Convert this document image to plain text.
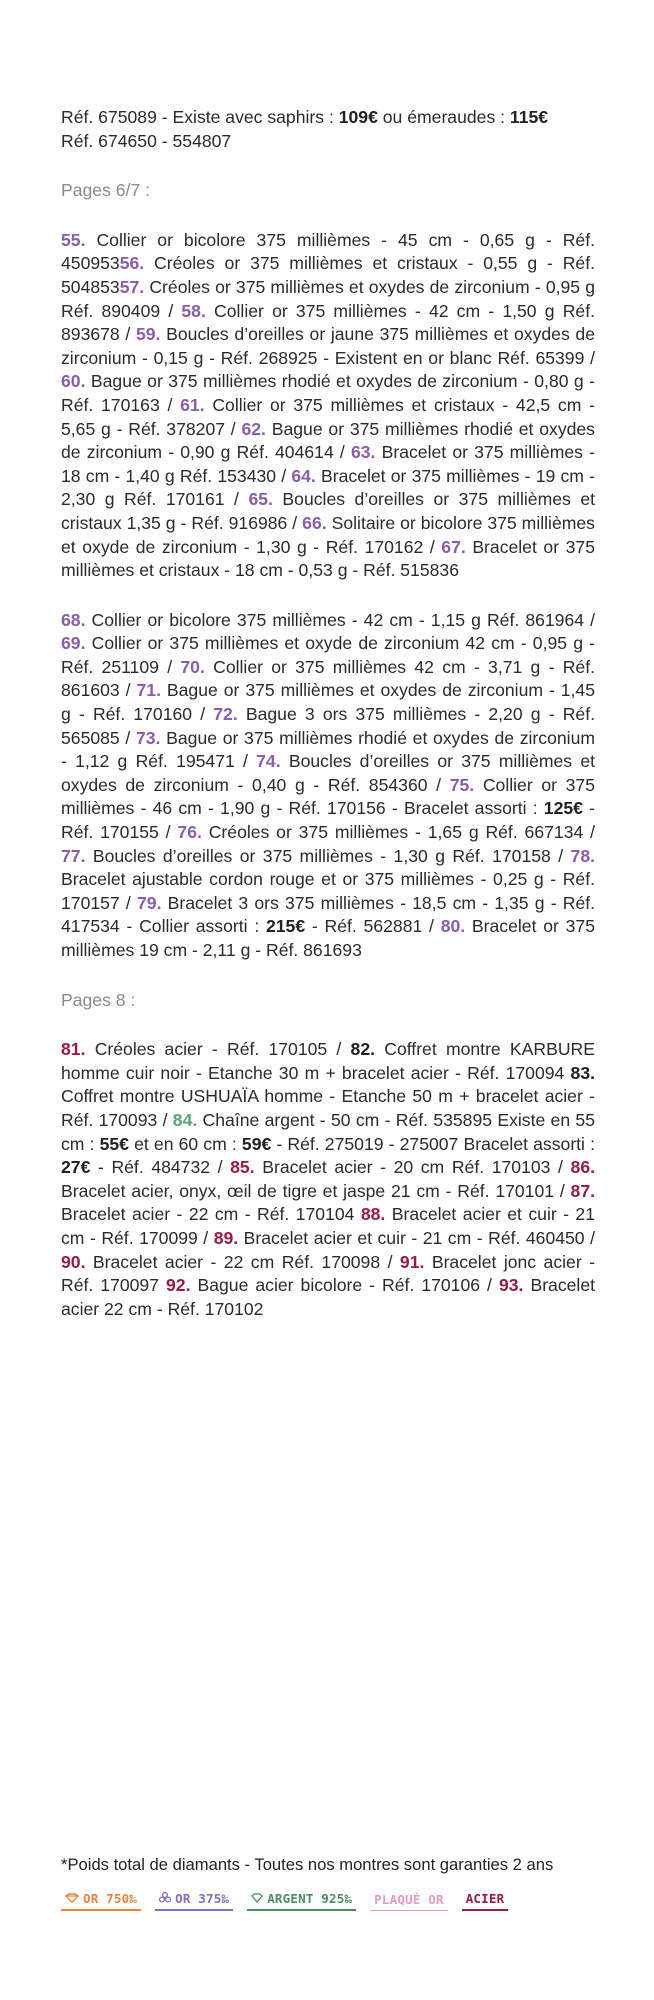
Réf. 675089 - Existe avec saphirs : 109€ ou émeraudes : 115€
Réf. 674650 - 554807

Pages 6/7 :

55. Collier or bicolore 375 millièmes - 45 cm - 0,65 g - Réf. 45095356. Créoles or 375 millièmes et cristaux - 0,55 g - Réf. 50485357. Créoles or 375 millièmes et oxydes de zirconium - 0,95 g Réf. 890409 / 58. Collier or 375 millièmes - 42 cm - 1,50 g Réf. 893678 / 59. Boucles d’oreilles or jaune 375 millièmes et oxydes de zirconium - 0,15 g - Réf. 268925 - Existent en or blanc Réf. 65399 / 60. Bague or 375 millièmes rhodié et oxydes de zirconium - 0,80 g - Réf. 170163 / 61. Collier or 375 millièmes et cristaux - 42,5 cm - 5,65 g - Réf. 378207 / 62. Bague or 375 millièmes rhodié et oxydes de zirconium - 0,90 g Réf. 404614 / 63. Bracelet or 375 millièmes - 18 cm - 1,40 g Réf. 153430 / 64. Bracelet or 375 millièmes - 19 cm - 2,30 g Réf. 170161 / 65. Boucles d’oreilles or 375 millièmes et cristaux 1,35 g - Réf. 916986 / 66. Solitaire or bicolore 375 millièmes et oxyde de zirconium - 1,30 g - Réf. 170162 / 67. Bracelet or 375 millièmes et cristaux - 18 cm - 0,53 g - Réf. 515836

68. Collier or bicolore 375 millièmes - 42 cm - 1,15 g Réf. 861964 / 69. Collier or 375 millièmes et oxyde de zirconium 42 cm - 0,95 g - Réf. 251109 / 70. Collier or 375 millièmes 42 cm - 3,71 g - Réf. 861603 / 71. Bague or 375 millièmes et oxydes de zirconium - 1,45 g - Réf. 170160 / 72. Bague 3 ors 375 millièmes - 2,20 g - Réf. 565085 / 73. Bague or 375 millièmes rhodié et oxydes de zirconium - 1,12 g Réf. 195471 / 74. Boucles d’oreilles or 375 millièmes et oxydes de zirconium - 0,40 g - Réf. 854360 / 75. Collier or 375 millièmes - 46 cm - 1,90 g - Réf. 170156 - Bracelet assorti : 125€ - Réf. 170155 / 76. Créoles or 375 millièmes - 1,65 g Réf. 667134 / 77. Boucles d’oreilles or 375 millièmes - 1,30 g Réf. 170158 / 78. Bracelet ajustable cordon rouge et or 375 millièmes - 0,25 g - Réf. 170157 / 79. Bracelet 3 ors 375 millièmes - 18,5 cm - 1,35 g - Réf. 417534 - Collier assorti : 215€ - Réf. 562881 / 80. Bracelet or 375 millièmes 19 cm - 2,11 g - Réf. 861693

Pages 8 :

81. Créoles acier - Réf. 170105 / 82. Coffret montre KARBURE homme cuir noir - Etanche 30 m + bracelet acier - Réf. 170094 83. Coffret montre USHUAÏA homme - Etanche 50 m + bracelet acier - Réf. 170093 / 84. Chaîne argent - 50 cm - Réf. 535895 Existe en 55 cm : 55€ et en 60 cm : 59€ - Réf. 275019 - 275007 Bracelet assorti : 27€ - Réf. 484732 / 85. Bracelet acier - 20 cm Réf. 170103 / 86. Bracelet acier, onyx, œil de tigre et jaspe 21 cm - Réf. 170101 / 87. Bracelet acier - 22 cm - Réf. 170104 88. Bracelet acier et cuir - 21 cm - Réf. 170099 / 89. Bracelet acier et cuir - 21 cm - Réf. 460450 / 90. Bracelet acier - 22 cm Réf. 170098 / 91. Bracelet jonc acier - Réf. 170097 92. Bague acier bicolore - Réf. 170106 / 93. Bracelet acier 22 cm - Réf. 170102

*Poids total de diamants - Toutes nos montres sont garanties 2 ans
OR 750‰	OR 375‰	ARGENT 925‰ PLAQUÉ OR ACIER
